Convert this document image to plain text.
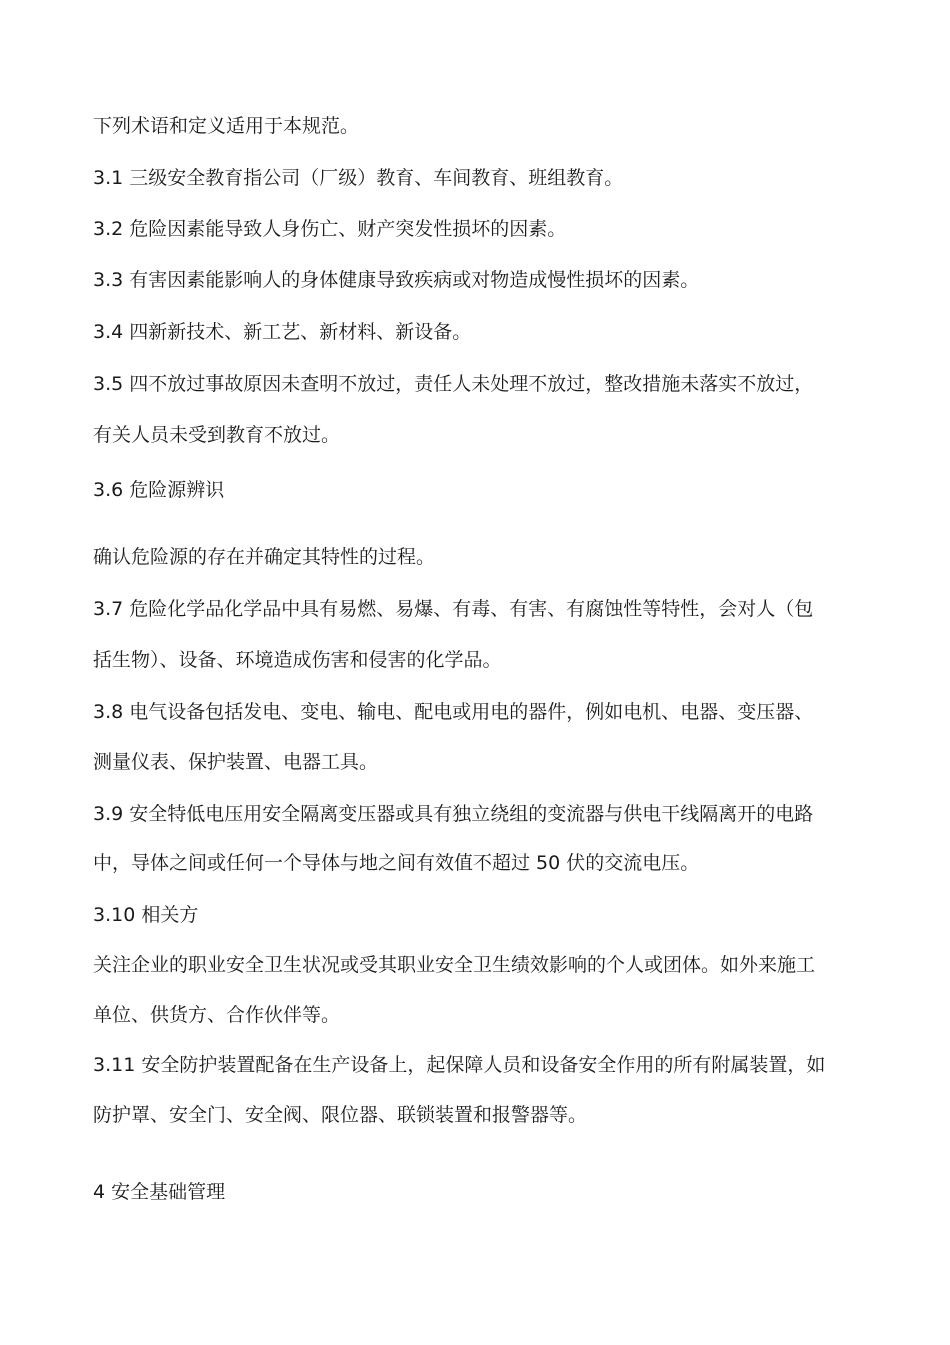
下列术语和定义适用于本规范。

3.1 三级安全教育指公司（厂级）教育、车间教育、班组教育。

3.2 危险因素能导致人身伤亡、财产突发性损坏的因素。

3.3 有害因素能影响人的身体健康导致疾病或对物造成慢性损坏的因素。

3.4 四新新技术、新工艺、新材料、新设备。

3.5 四不放过事故原因未查明不放过，责任人未处理不放过，整改措施未落实不放过，

有关人员未受到教育不放过。

3.6 危险源辨识

确认危险源的存在并确定其特性的过程。

3.7 危险化学品化学品中具有易燃、易爆、有毒、有害、有腐蚀性等特性，会对人（包

括生物）、设备、环境造成伤害和侵害的化学品。

3.8 电气设备包括发电、变电、输电、配电或用电的器件，例如电机、电器、变压器、

测量仪表、保护装置、电器工具。

3.9 安全特低电压用安全隔离变压器或具有独立绕组的变流器与供电干线隔离开的电路

中，导体之间或任何一个导体与地之间有效值不超过 50 伏的交流电压。

3.10 相关方

关注企业的职业安全卫生状况或受其职业安全卫生绩效影响的个人或团体。如外来施工

单位、供货方、合作伙伴等。

3.11 安全防护装置配备在生产设备上，起保障人员和设备安全作用的所有附属装置，如

防护罩、安全门、安全阀、限位器、联锁装置和报警器等。

4 安全基础管理
